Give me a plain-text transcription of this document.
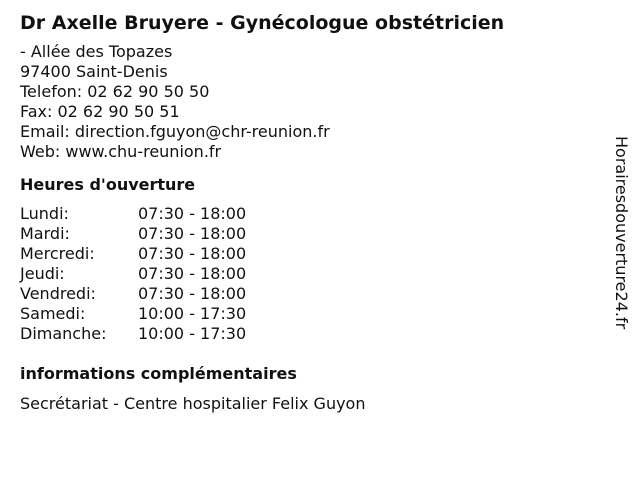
Dr Axelle Bruyere - Gynécologue obstétricien
- Allée des Topazes
97400 Saint-Denis
Telefon: 02 62 90 50 50
Fax: 02 62 90 50 51
Email: direction.fguyon@chr-reunion.fr
Web: www.chu-reunion.fr
Heures d'ouverture
Lundi:	07:30 - 18:00
Mardi:	07:30 - 18:00
Mercredi:	07:30 - 18:00
Jeudi:	07:30 - 18:00
Vendredi:	07:30 - 18:00
Samedi:	10:00 - 17:30
Dimanche: 10:00 - 17:30
informations complémentaires
Secrétariat - Centre hospitalier Felix Guyon
Horairesdouverture24.fr
